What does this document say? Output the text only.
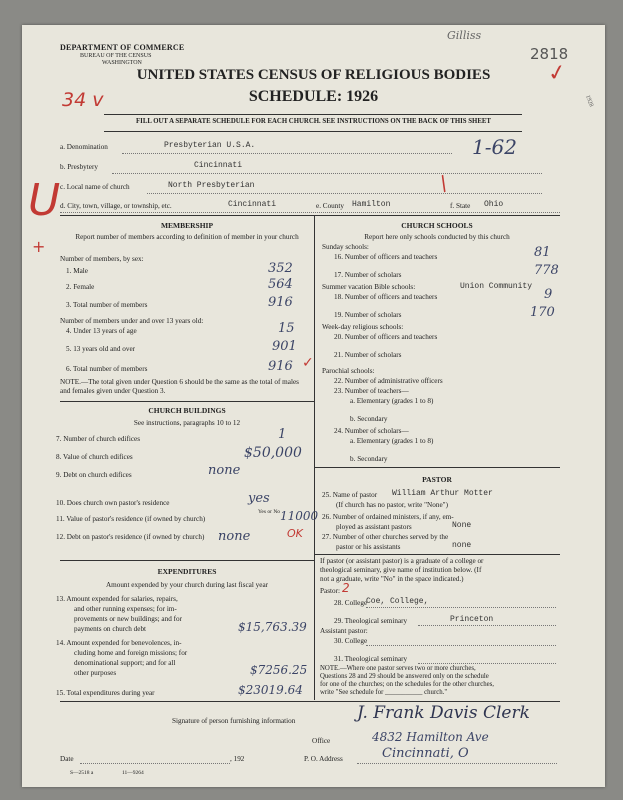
DEPARTMENT OF COMMERCE
BUREAU OF THE CENSUS
WASHINGTON
Gilliss
2818
✓
1928
UNITED STATES CENSUS OF RELIGIOUS BODIES
SCHEDULE: 1926
34 v
FILL OUT A SEPARATE SCHEDULE FOR EACH CHURCH. SEE INSTRUCTIONS ON THE BACK OF THIS SHEET
a. Denomination	Presbyterian U.S.A.	1-62
b. Presbytery	Cincinnati
c. Local name of church	North Presbyterian	/
d. City, town, village, or township, etc.	Cincinnati	e. County Hamilton	f. State Ohio
U
+
MEMBERSHIP
Report number of members according to definition of member in your church
Number of members, by sex:
1. Male	352
2. Female	564
3. Total number of members	916
Number of members under and over 13 years old:
4. Under 13 years of age	15
5. 13 years old and over	901
6. Total number of members	916 ✓
NOTE.—The total given under Question 6 should be the same as the total of males and females given under Question 3.
CHURCH BUILDINGS
See instructions, paragraphs 10 to 12
7. Number of church edifices	1
8. Value of church edifices	$50,000
9. Debt on church edifices	none
10. Does church own pastor's residence	yes
Yes or No
11. Value of pastor's residence (if owned by church)	11000
12. Debt on pastor's residence (if owned by church) none	OK
EXPENDITURES
Amount expended by your church during last fiscal year
13. Amount expended for salaries, repairs,
and other running expenses; for im-
provements or new buildings; and for
payments on church debt	$15,763.39
14. Amount expended for benevolences, in-
cluding home and foreign missions; for
denominational support; and for all
other purposes	$7256.25
15. Total expenditures during year	$23019.64
CHURCH SCHOOLS
Report here only schools conducted by this church
Sunday schools:
16. Number of officers and teachers	81
17. Number of scholars	778
Summer vacation Bible schools:	Union Community
18. Number of officers and teachers	9
19. Number of scholars	170
Week-day religious schools:
20. Number of officers and teachers
21. Number of scholars
Parochial schools:
22. Number of administrative officers
23. Number of teachers—
a. Elementary (grades 1 to 8)
b. Secondary
24. Number of scholars—
a. Elementary (grades 1 to 8)
b. Secondary
PASTOR
25. Name of pastor William Arthur Motter
(If church has no pastor, write "None")
26. Number of ordained ministers, if any, em-
ployed as assistant pastors	None
27. Number of other churches served by the
pastor or his assistants	none
If pastor (or assistant pastor) is a graduate of a college or
theological seminary, give name of institution below. (If
not a graduate, write "No" in the space indicated.)
Pastor: 2
28. College
Coe, College,
29. Theological seminary	Princeton
Assistant pastor:
30. College
31. Theological seminary
NOTE.—Where one pastor serves two or more churches,
Questions 28 and 29 should be answered only on the schedule
for one of the churches; on the schedules for the other churches,
write "See schedule for ___________ church."
Signature of person furnishing information	J. Frank Davis Clerk
Office	4832 Hamilton Ave
Date	, 192	P. O. Address	Cincinnati, O
S—2518 a	11—9264
